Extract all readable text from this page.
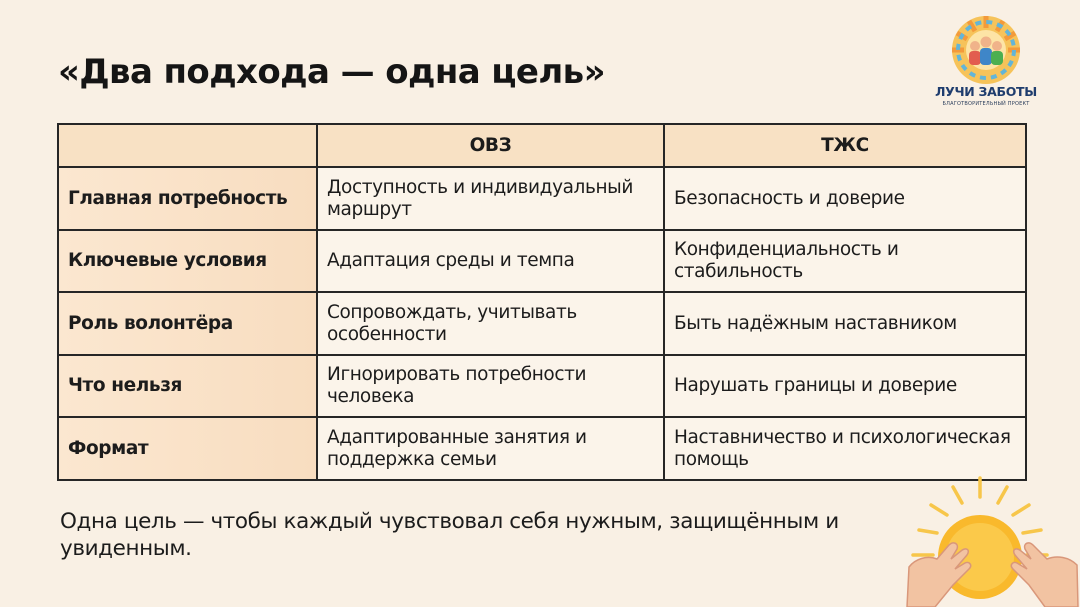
«Два подхода — одна цель»	ЛУЧИ ЗАБОТЫ
БЛАГОТВОРИТЕЛЬНЫЙ ПРОЕКТ
	ОВЗ	ТЖС
Главная потребность	Доступность и индивидуальный маршрут	Безопасность и доверие
Ключевые условия	Адаптация среды и темпа	Конфиденциальность и стабильность
Роль волонтёра	Сопровождать, учитывать особенности	Быть надёжным наставником
Что нельзя	Игнорировать потребности человека	Нарушать границы и доверие
Формат	Адаптированные занятия и поддержка семьи	Наставничество и психологическая помощь
Одна цель — чтобы каждый чувствовал себя нужным, защищённым и увиденным.
